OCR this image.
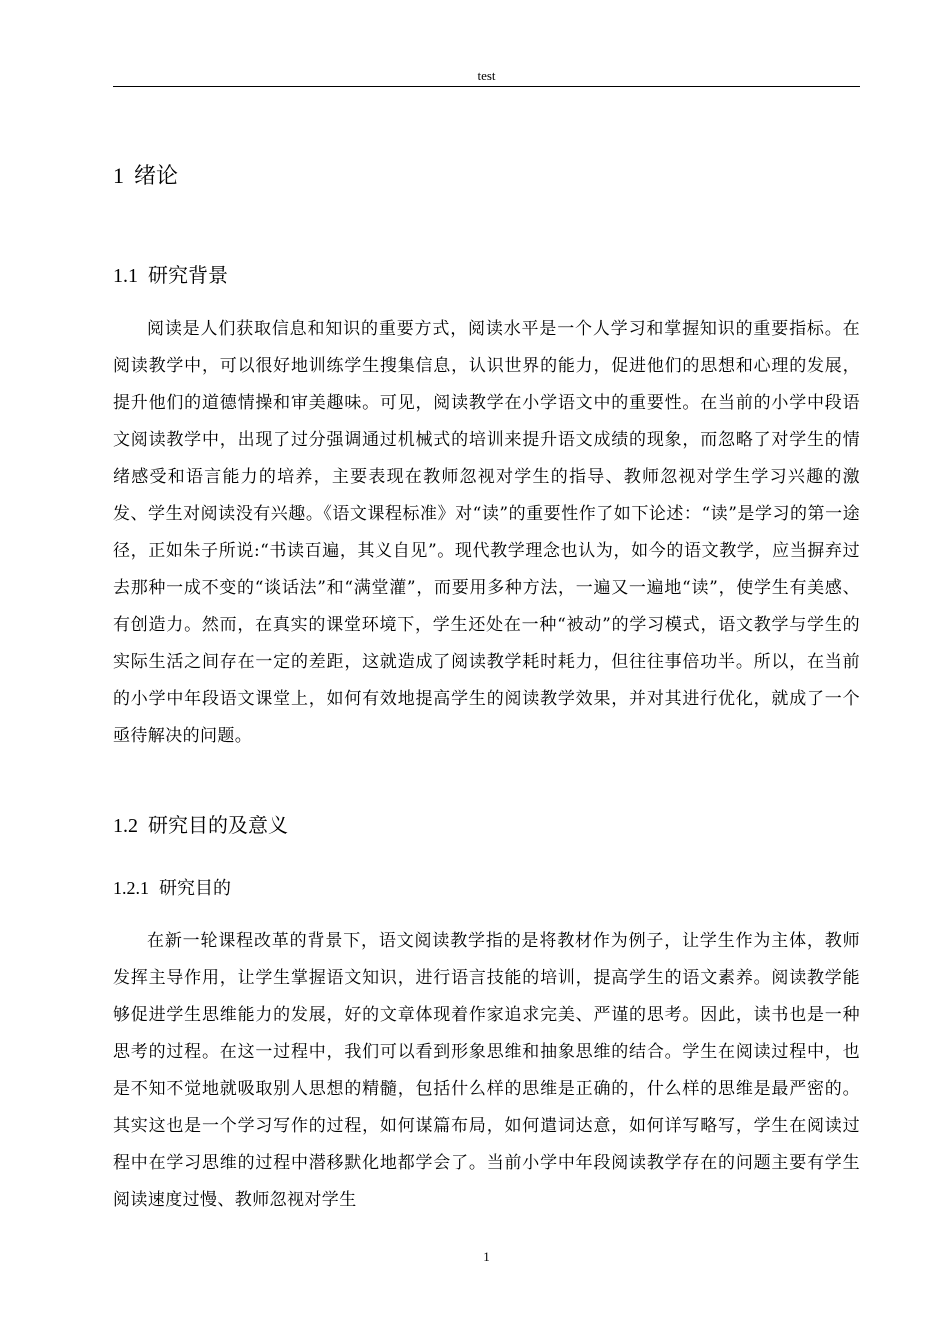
test
1 绪论
1.1 研究背景

阅读是人们获取信息和知识的重要方式，阅读水平是一个人学习和掌握知识的重要指标。在阅读教学中，可以很好地训练学生搜集信息，认识世界的能力，促进他们的思想和心理的发展，提升他们的道德情操和审美趣味。可见，阅读教学在小学语文中的重要性。在当前的小学中段语文阅读教学中，出现了过分强调通过机械式的培训来提升语文成绩的现象，而忽略了对学生的情绪感受和语言能力的培养，主要表现在教师忽视对学生的指导、教师忽视对学生学习兴趣的激发、学生对阅读没有兴趣。《语文课程标准》对“读”的重要性作了如下论述：“读”是学习的第一途径，正如朱子所说:“书读百遍，其义自见”。现代教学理念也认为，如今的语文教学，应当摒弃过去那种一成不变的“谈话法”和“满堂灌”，而要用多种方法，一遍又一遍地“读”，使学生有美感、有创造力。然而，在真实的课堂环境下，学生还处在一种“被动”的学习模式，语文教学与学生的实际生活之间存在一定的差距，这就造成了阅读教学耗时耗力，但往往事倍功半。所以，在当前的小学中年段语文课堂上，如何有效地提高学生的阅读教学效果，并对其进行优化，就成了一个亟待解决的问题。

1.2 研究目的及意义
1.2.1 研究目的

在新一轮课程改革的背景下，语文阅读教学指的是将教材作为例子，让学生作为主体，教师发挥主导作用，让学生掌握语文知识，进行语言技能的培训，提高学生的语文素养。阅读教学能够促进学生思维能力的发展，好的文章体现着作家追求完美、严谨的思考。因此，读书也是一种思考的过程。在这一过程中，我们可以看到形象思维和抽象思维的结合。学生在阅读过程中，也是不知不觉地就吸取别人思想的精髓，包括什么样的思维是正确的，什么样的思维是最严密的。其实这也是一个学习写作的过程，如何谋篇布局，如何遣词达意，如何详写略写，学生在阅读过程中在学习思维的过程中潜移默化地都学会了。当前小学中年段阅读教学存在的问题主要有学生阅读速度过慢、教师忽视对学生

1
